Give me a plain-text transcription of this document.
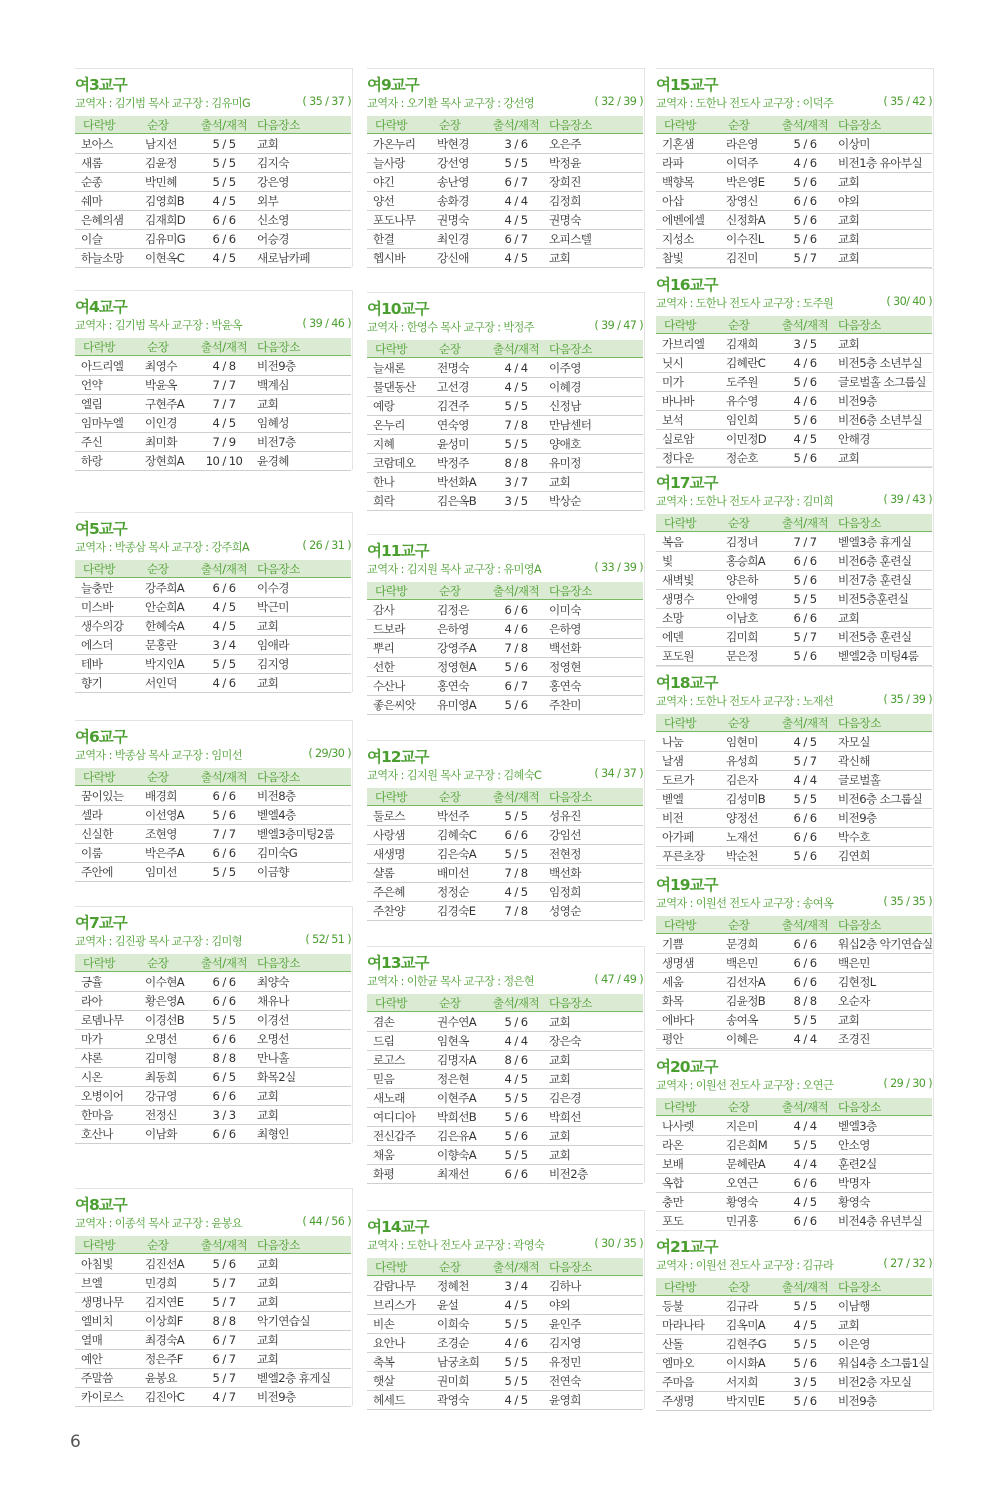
여3교구
교역자 : 김기범 목사 교구장 : 김유미G	( 35 / 37 )
다락방	순장	출석/재적 다음장소
보아스	남지선	5 / 5	교회
새롬	김윤정	5 / 5	김지숙
순종	박민혜	5 / 5	강은영
쉐마	김영희B	4 / 5	외부
은혜의샘	김재희D	6 / 6	신소영
이슬	김유미G	6 / 6	어승경
하늘소망	이현옥C	4 / 5	새로남카페
여4교구
교역자 : 김기범 목사 교구장 : 박윤옥	( 39 / 46 )
다락방	순장	출석/재적 다음장소
아드리엘	최영수	4 / 8	비전9층
언약	박윤옥	7 / 7	백계심
엘림	구현주A	7 / 7	교회
임마누엘	이인경	4 / 5	임혜성
주신	최미화	7 / 9	비전7층
하랑	장현희A	10 / 10	윤경혜
여5교구
교역자 : 박종삼 목사 교구장 : 강주희A	( 26 / 31 )
다락방	순장	출석/재적 다음장소
늘충만	강주희A	6 / 6	이수경
미스바	안순희A	4 / 5	박근미
생수의강	한혜숙A	4 / 5	교회
에스더	문홍란	3 / 4	임애라
테바	박지인A	5 / 5	김지영
향기	서인덕	4 / 6	교회
여6교구
교역자 : 박종삼 목사 교구장 : 임미선	( 29/30 )
다락방	순장	출석/재적 다음장소
꿈이있는	배경희	6 / 6	비전8층
셀라	이선영A	5 / 6	벧엘4층
신실한	조현영	7 / 7	벧엘3층미팅2룸
이룸	박은주A	6 / 6	김미숙G
주안에	임미선	5 / 5	이금향
여7교구
교역자 : 김진광 목사 교구장 : 김미형	( 52/ 51 )
다락방	순장	출석/재적 다음장소
긍휼	이수현A	6 / 6	최양숙
라아	황은영A	6 / 6	채유나
로뎀나무	이경선B	5 / 5	이경선
마가	오명선	6 / 6	오명선
샤론	김미형	8 / 8	만나홀
시온	최동희	6 / 5	화목2실
오병이어	강규영	6 / 6	교회
한마음	전정신	3 / 3	교회
호산나	이남화	6 / 6	최형인
여8교구
교역자 : 이종석 목사 교구장 : 윤봉요	( 44 / 56 )
다락방	순장	출석/재적 다음장소
아침빛	김진선A	5 / 6	교회
브엘	민경희	5 / 7	교회
생명나무	김지연E	5 / 7	교회
엘비치	이상희F	8 / 8	악기연습실
열매	최경숙A	6 / 7	교회
예안	정은주F	6 / 7	교회
주말씀	윤봉요	5 / 7	벧엘2층 휴게실
카이로스	김진아C	4 / 7	비전9층
여9교구
교역자 : 오기환 목사 교구장 : 강선영	( 32 / 39 )
다락방	순장	출석/재적 다음장소
가온누리	박현경	3 / 6	오은주
늘사랑	강선영	5 / 5	박정윤
야긴	송난영	6 / 7	장희진
양선	송화경	4 / 4	김정희
포도나무	권명숙	4 / 5	권명숙
한결	최인경	6 / 7	오피스텔
헵시바	강신애	4 / 5	교회
여10교구
교역자 : 한영수 목사 교구장 : 박정주	( 39 / 47 )
다락방	순장	출석/재적 다음장소
늘새론	전명숙	4 / 4	이주영
물댄동산	고선경	4 / 5	이혜경
예랑	김견주	5 / 5	신정남
온누리	연숙영	7 / 8	만남센터
지혜	윤성미	5 / 5	양애호
코람데오	박정주	8 / 8	유미정
한나	박선화A	3 / 7	교회
희락	김은옥B	3 / 5	박상순
여11교구
교역자 : 김지원 목사 교구장 : 유미영A	( 33 / 39 )
다락방	순장	출석/재적 다음장소
감사	김정은	6 / 6	이미숙
드보라	은하영	4 / 6	은하영
뿌리	강영주A	7 / 8	백선화
선한	정영현A	5 / 6	정영현
수산나	홍연숙	6 / 7	홍연숙
좋은씨앗	유미영A	5 / 6	주찬미
여12교구
교역자 : 김지원 목사 교구장 : 김혜숙C	( 34 / 37 )
다락방	순장	출석/재적 다음장소
둘로스	박선주	5 / 5	성유진
사랑샘	김혜숙C	6 / 6	강임선
새생명	김은숙A	5 / 5	전현정
샬롬	배미선	7 / 8	백선화
주은혜	정정순	4 / 5	임정희
주찬양	김경숙E	7 / 8	성영순
여13교구
교역자 : 이한균 목사 교구장 : 정은현	( 47 / 49 )
다락방	순장	출석/재적 다음장소
겸손	권수연A	5 / 6	교회
드림	임현옥	4 / 4	장은숙
로고스	김명자A	8 / 6	교회
믿음	정은현	4 / 5	교회
새노래	이현주A	5 / 5	김은경
여디디아	박희선B	5 / 6	박희선
전신갑주	김은유A	5 / 6	교회
채움	이향숙A	5 / 5	교회
화평	최재선	6 / 6	비전2층
여14교구
교역자 : 도한나 전도사 교구장 : 곽영숙	( 30 / 35 )
다락방	순장	출석/재적 다음장소
감람나무	정혜천	3 / 4	김하나
브리스가	윤설	4 / 5	야외
비손	이희숙	5 / 5	윤인주
요안나	조경순	4 / 6	김지영
축복	남궁초희	5 / 5	유정민
햇살	권미희	5 / 5	전연숙
헤세드	곽영숙	4 / 5	윤영희
여15교구
교역자 : 도한나 전도사 교구장 : 이덕주	( 35 / 42 )
다락방	순장	출석/재적 다음장소
기혼샘	라은영	5 / 6	이상미
라파	이덕주	4 / 6	비전1층 유아부실
백향목	박은영E	5 / 6	교회
아삽	장영신	6 / 6	야외
에벤에셀	신정화A	5 / 6	교회
지성소	이수진L	5 / 6	교회
참빛	김진미	5 / 7	교회
여16교구
교역자 : 도한나 전도사 교구장 : 도주원	( 30/ 40 )
다락방	순장	출석/재적 다음장소
가브리엘	김재희	3 / 5	교회
닛시	김혜란C	4 / 6	비전5층 소년부실
미가	도주원	5 / 6	글로벌홀 소그룹실
바나바	유수영	4 / 6	비전9층
보석	임인희	5 / 6	비전6층 소년부실
실로암	이민정D	4 / 5	안해경
정다운	정순호	5 / 6	교회
여17교구
교역자 : 도한나 전도사 교구장 : 김미희	( 39 / 43 )
다락방	순장	출석/재적 다음장소
복음	김정녀	7 / 7	벧엘3층 휴게실
빛	홍승희A	6 / 6	비전6층 훈련실
새벽빛	양은하	5 / 6	비전7층 훈련실
생명수	안애영	5 / 5	비전5층훈련실
소망	이남호	6 / 6	교회
에덴	김미희	5 / 7	비전5층 훈련실
포도원	문은정	5 / 6	벧엘2층 미팅4룸
여18교구
교역자 : 도한나 전도사 교구장 : 노재선	( 35 / 39 )
다락방	순장	출석/재적 다음장소
나눔	임현미	4 / 5	자모실
날샘	유성희	5 / 7	곽신해
도르가	김은자	4 / 4	글로벌홀
벧엘	김성미B	5 / 5	비전6층 소그룹실
비전	양정선	6 / 6	비전9층
아가페	노재선	6 / 6	박수호
푸른초장	박순천	5 / 6	김연희
여19교구
교역자 : 이원선 전도사 교구장 : 송여옥	( 35 / 35 )
다락방	순장	출석/재적 다음장소
기쁨	문경희	6 / 6	워십2층 악기연습실
생명샘	백은민	6 / 6	백은민
세움	김선자A	6 / 6	김현정L
화목	김윤정B	8 / 8	오순자
에바다	송여옥	5 / 5	교회
평안	이혜은	4 / 4	조경진
여20교구
교역자 : 이원선 전도사 교구장 : 오연근	( 29 / 30 )
다락방	순장	출석/재적 다음장소
나사렛	지은미	4 / 4	벧엘3층
라온	김은희M	5 / 5	안소영
보배	문혜란A	4 / 4	훈련2실
옥합	오연근	6 / 6	박명자
충만	황영숙	4 / 5	황영숙
포도	민귀홍	6 / 6	비전4층 유년부실
여21교구
교역자 : 이원선 전도사 교구장 : 김규라	( 27 / 32 )
다락방	순장	출석/재적 다음장소
등불	김규라	5 / 5	이남행
마라나타	김옥미A	4 / 5	교회
산돌	김현주G	5 / 5	이은영
엠마오	이시화A	5 / 6	워십4층 소그룹1실
주마음	서지희	3 / 5	비전2층 자모실
주생명	박지민E	5 / 6	비전9층
6
